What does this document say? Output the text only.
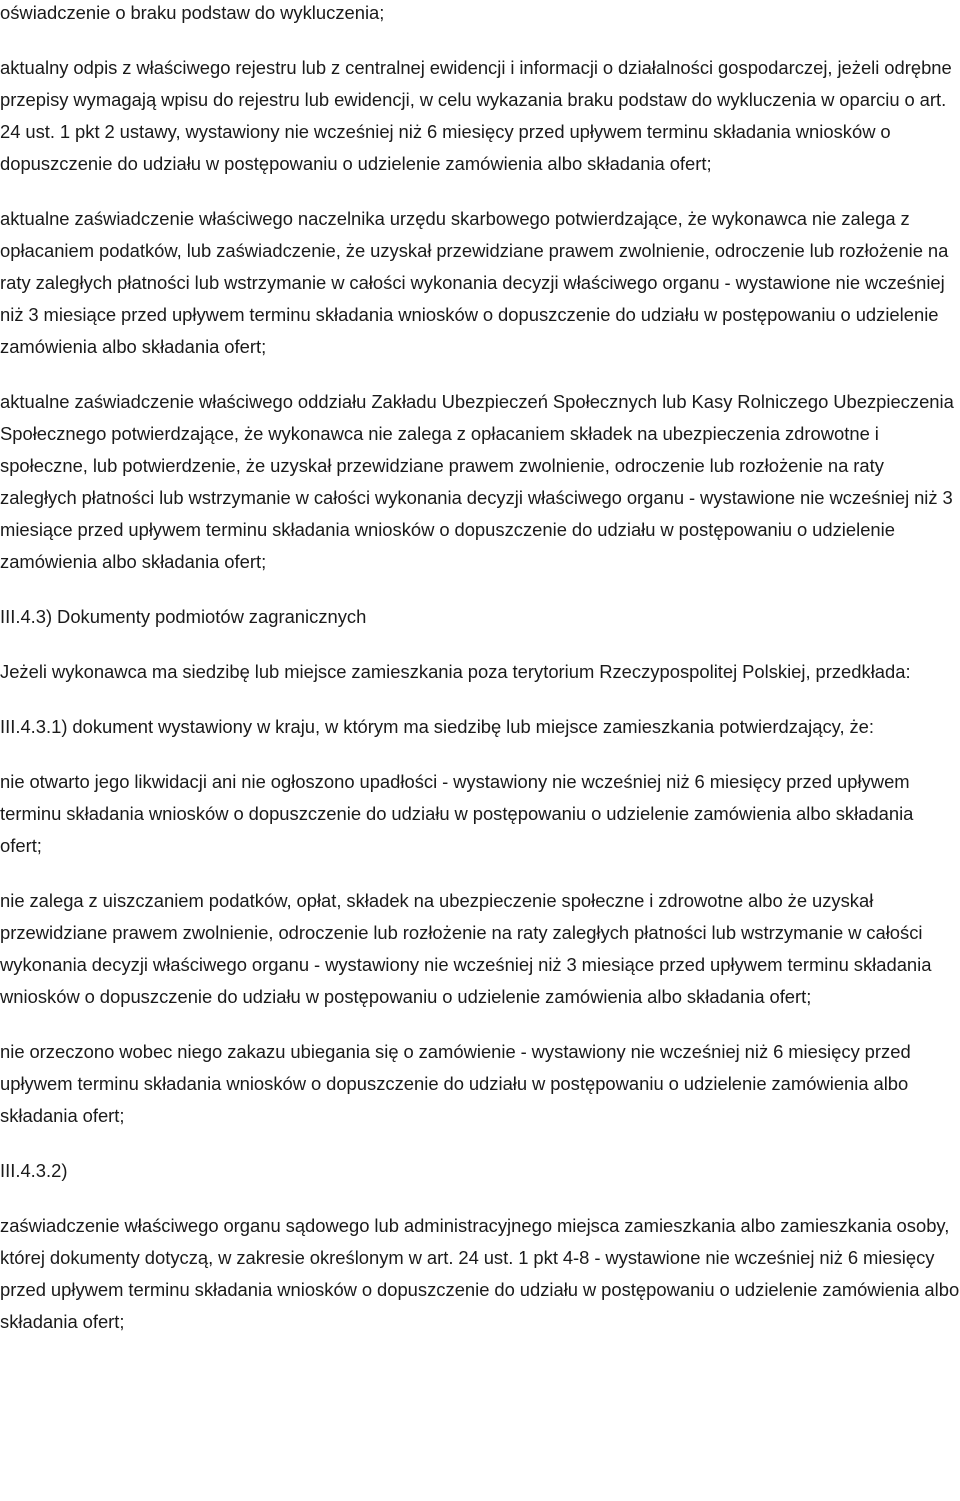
oświadczenie o braku podstaw do wykluczenia;

aktualny odpis z właściwego rejestru lub z centralnej ewidencji i informacji o działalności gospodarczej, jeżeli odrębne przepisy wymagają wpisu do rejestru lub ewidencji, w celu wykazania braku podstaw do wykluczenia w oparciu o art. 24 ust. 1 pkt 2 ustawy, wystawiony nie wcześniej niż 6 miesięcy przed upływem terminu składania wniosków o dopuszczenie do udziału w postępowaniu o udzielenie zamówienia albo składania ofert;

aktualne zaświadczenie właściwego naczelnika urzędu skarbowego potwierdzające, że wykonawca nie zalega z opłacaniem podatków, lub zaświadczenie, że uzyskał przewidziane prawem zwolnienie, odroczenie lub rozłożenie na raty zaległych płatności lub wstrzymanie w całości wykonania decyzji właściwego organu - wystawione nie wcześniej niż 3 miesiące przed upływem terminu składania wniosków o dopuszczenie do udziału w postępowaniu o udzielenie zamówienia albo składania ofert;

aktualne zaświadczenie właściwego oddziału Zakładu Ubezpieczeń Społecznych lub Kasy Rolniczego Ubezpieczenia Społecznego potwierdzające, że wykonawca nie zalega z opłacaniem składek na ubezpieczenia zdrowotne i społeczne, lub potwierdzenie, że uzyskał przewidziane prawem zwolnienie, odroczenie lub rozłożenie na raty zaległych płatności lub wstrzymanie w całości wykonania decyzji właściwego organu - wystawione nie wcześniej niż 3 miesiące przed upływem terminu składania wniosków o dopuszczenie do udziału w postępowaniu o udzielenie zamówienia albo składania ofert;

III.4.3) Dokumenty podmiotów zagranicznych

Jeżeli wykonawca ma siedzibę lub miejsce zamieszkania poza terytorium Rzeczypospolitej Polskiej, przedkłada:

III.4.3.1) dokument wystawiony w kraju, w którym ma siedzibę lub miejsce zamieszkania potwierdzający, że:

nie otwarto jego likwidacji ani nie ogłoszono upadłości - wystawiony nie wcześniej niż 6 miesięcy przed upływem terminu składania wniosków o dopuszczenie do udziału w postępowaniu o udzielenie zamówienia albo składania ofert;

nie zalega z uiszczaniem podatków, opłat, składek na ubezpieczenie społeczne i zdrowotne albo że uzyskał przewidziane prawem zwolnienie, odroczenie lub rozłożenie na raty zaległych płatności lub wstrzymanie w całości wykonania decyzji właściwego organu - wystawiony nie wcześniej niż 3 miesiące przed upływem terminu składania wniosków o dopuszczenie do udziału w postępowaniu o udzielenie zamówienia albo składania ofert;

nie orzeczono wobec niego zakazu ubiegania się o zamówienie - wystawiony nie wcześniej niż 6 miesięcy przed upływem terminu składania wniosków o dopuszczenie do udziału w postępowaniu o udzielenie zamówienia albo składania ofert;

III.4.3.2)

zaświadczenie właściwego organu sądowego lub administracyjnego miejsca zamieszkania albo zamieszkania osoby, której dokumenty dotyczą, w zakresie określonym w art. 24 ust. 1 pkt 4-8 - wystawione nie wcześniej niż 6 miesięcy przed upływem terminu składania wniosków o dopuszczenie do udziału w postępowaniu o udzielenie zamówienia albo składania ofert;
